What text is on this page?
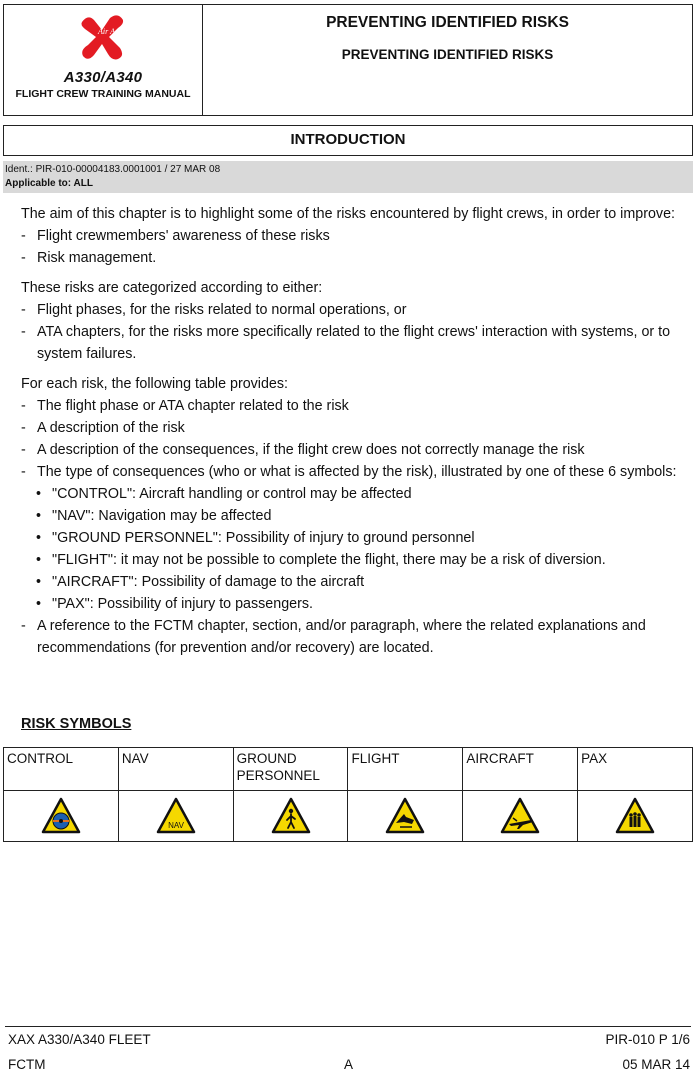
Air Asia
A330/A340
FLIGHT CREW TRAINING MANUAL
PREVENTING IDENTIFIED RISKS
PREVENTING IDENTIFIED RISKS
INTRODUCTION
Ident.: PIR-010-00004183.0001001 / 27 MAR 08
Applicable to: ALL

The aim of this chapter is to highlight some of the risks encountered by flight crews, in order to improve:

- Flight crewmembers' awareness of these risks
- Risk management.

These risks are categorized according to either:

- Flight phases, for the risks related to normal operations, or
- ATA chapters, for the risks more specifically related to the flight crews' interaction with systems, or to system failures.

For each risk, the following table provides:

- The flight phase or ATA chapter related to the risk
- A description of the risk
- A description of the consequences, if the flight crew does not correctly manage the risk
- The type of consequences (who or what is affected by the risk), illustrated by one of these 6 symbols:
• "CONTROL": Aircraft handling or control may be affected
• "NAV": Navigation may be affected
• "GROUND PERSONNEL": Possibility of injury to ground personnel
• "FLIGHT": it may not be possible to complete the flight, there may be a risk of diversion.
• "AIRCRAFT": Possibility of damage to the aircraft
• "PAX": Possibility of injury to passengers.
- A reference to the FCTM chapter, section, and/or paragraph, where the related explanations and recommendations (for prevention and/or recovery) are located.
RISK SYMBOLS
CONTROL	NAV	GROUND PERSONNEL	FLIGHT	AIRCRAFT	PAX

NAV

XAX A330/A340 FLEET	PIR-010 P 1/6
FCTM	A	05 MAR 14
